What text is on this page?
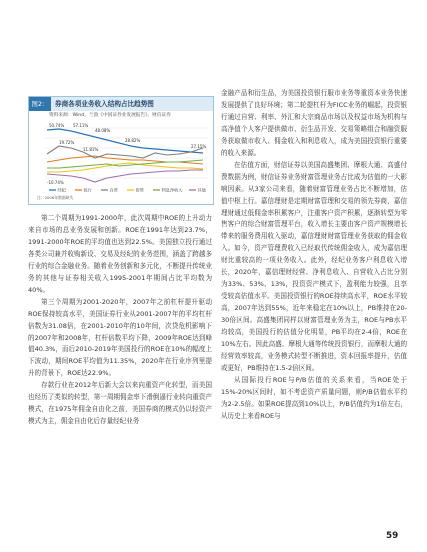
图2： 券商各项业务收入结构占比趋势图
资料来源：Wind，兰敦《中国证券业发展报告》，财信证券
50.74% 57.11%
48.08%
28.82%
19.72%
11.81%
27.15%
-10.74%
经纪	投行	自营	资管	利息净收入	其他
注：2006年数据缺失

第二个周期为1991-2000年，此次周期中ROE的上升动力来自市场的总业务发展和创新。ROE在1991年达到23.7%，1991-2000年ROE的平均值也达到22.5%。美国独立投行通过各类公司兼并收购新设、交易及经纪的业务范围，涵盖了跨越多行业的综合金融业务。随着业务创新和多元化，不断提升传统业务的其他与证券相关收入1995-2001年期间占比平均数为40%。

第三个周期为2001-2020年，2007年之前杠杆提升驱动ROE保持较高水平，美国证券行业从2001-2007年的平均杠杆倍数为31.08倍，在2001-2010年的10年间，次贷危机影响下的2007年和2008年，杠杆倍数平均下降，2009年ROE达到峰值40.3%，而后2010-2019年美国投行的ROE在10%的幅度上下波动，期间ROE平均值为11.35%，2020年在行业序列里提升的背景下，ROE达22.9%。

存款行业在2012年后新大会以来向重资产化转型，而美国也经历了类似的转型，第一周期佣金率下滑倒逼行业转向重资产模式，在1975年佣金自由化之前，美国券商的模式仍以轻资产模式为主，佣金自由化后存量经纪业务

金融产品和衍生品，为美国投资银行服市业务等重资本业务快速发展提供了良好环境；第二轮提杠杆为FICC业务的崛起，投资银行通过自营、利率、外汇和大宗商品市场以及权益市场为机构与高净值个人客户提供做市、衍生品开发、交易策略组合和融资服务获取做市收入、佣金收入和利息收入，成为美国投资银行重要的收入来源。

在估值方面，财信证券以美国高盛集团、摩根大通、高盛付费数据为例，财信证券业务财富管理业务占比成为估值的一大影响因素。从3家公司来看，随着财富管理业务占比不断增加，估值中枢上行。嘉信理财是定期财富管理和交易的领先券商，嘉信理财通过低佣金率积累客户，注重客户资产积累，逐渐转型为零售客户的综合财富管理平台，收入增长主要由客户资产规模增长带来的服务费用收入驱动，嘉信理财财富管理业务获取的佣金收入。如今，资产管理费收入已经取代传统佣金收入，成为嘉信理财比重较高的一项业务收入。此外，经纪业务客户利息收入增长，2020年，嘉信理财经营、净利息收入、自营收入占比分别为33%、53%、13%，投资资产模式下，盈利能力较强，且享受较高估值水平。美国投资银行的ROE持续高水平，ROE水平较高，2007年达到55%，近年来稳定在10%以上，PB维持在20-30倍区间。高盛集团同样以财富管理业务为主，ROE与PB水平均较高，美国投行的估值分化明显，PB平均在2-4倍，ROE在10%左右。因此高盛、摩根大通等传统投资银行，而摩根大通的经营效率较高，业务模式转型不断推进，资本回报率提升，估值或更好，PB维持在1.5-2倍区间。

从国际投行ROE与P/B估值的关系来看，当ROE处于15%-20%区间时，如不考虑资产质量问题，则P/B估值水平约为2-2.5倍。如果ROE提高到10%以上，P/B估值约为1倍左右，从历史上来看ROE与

59
